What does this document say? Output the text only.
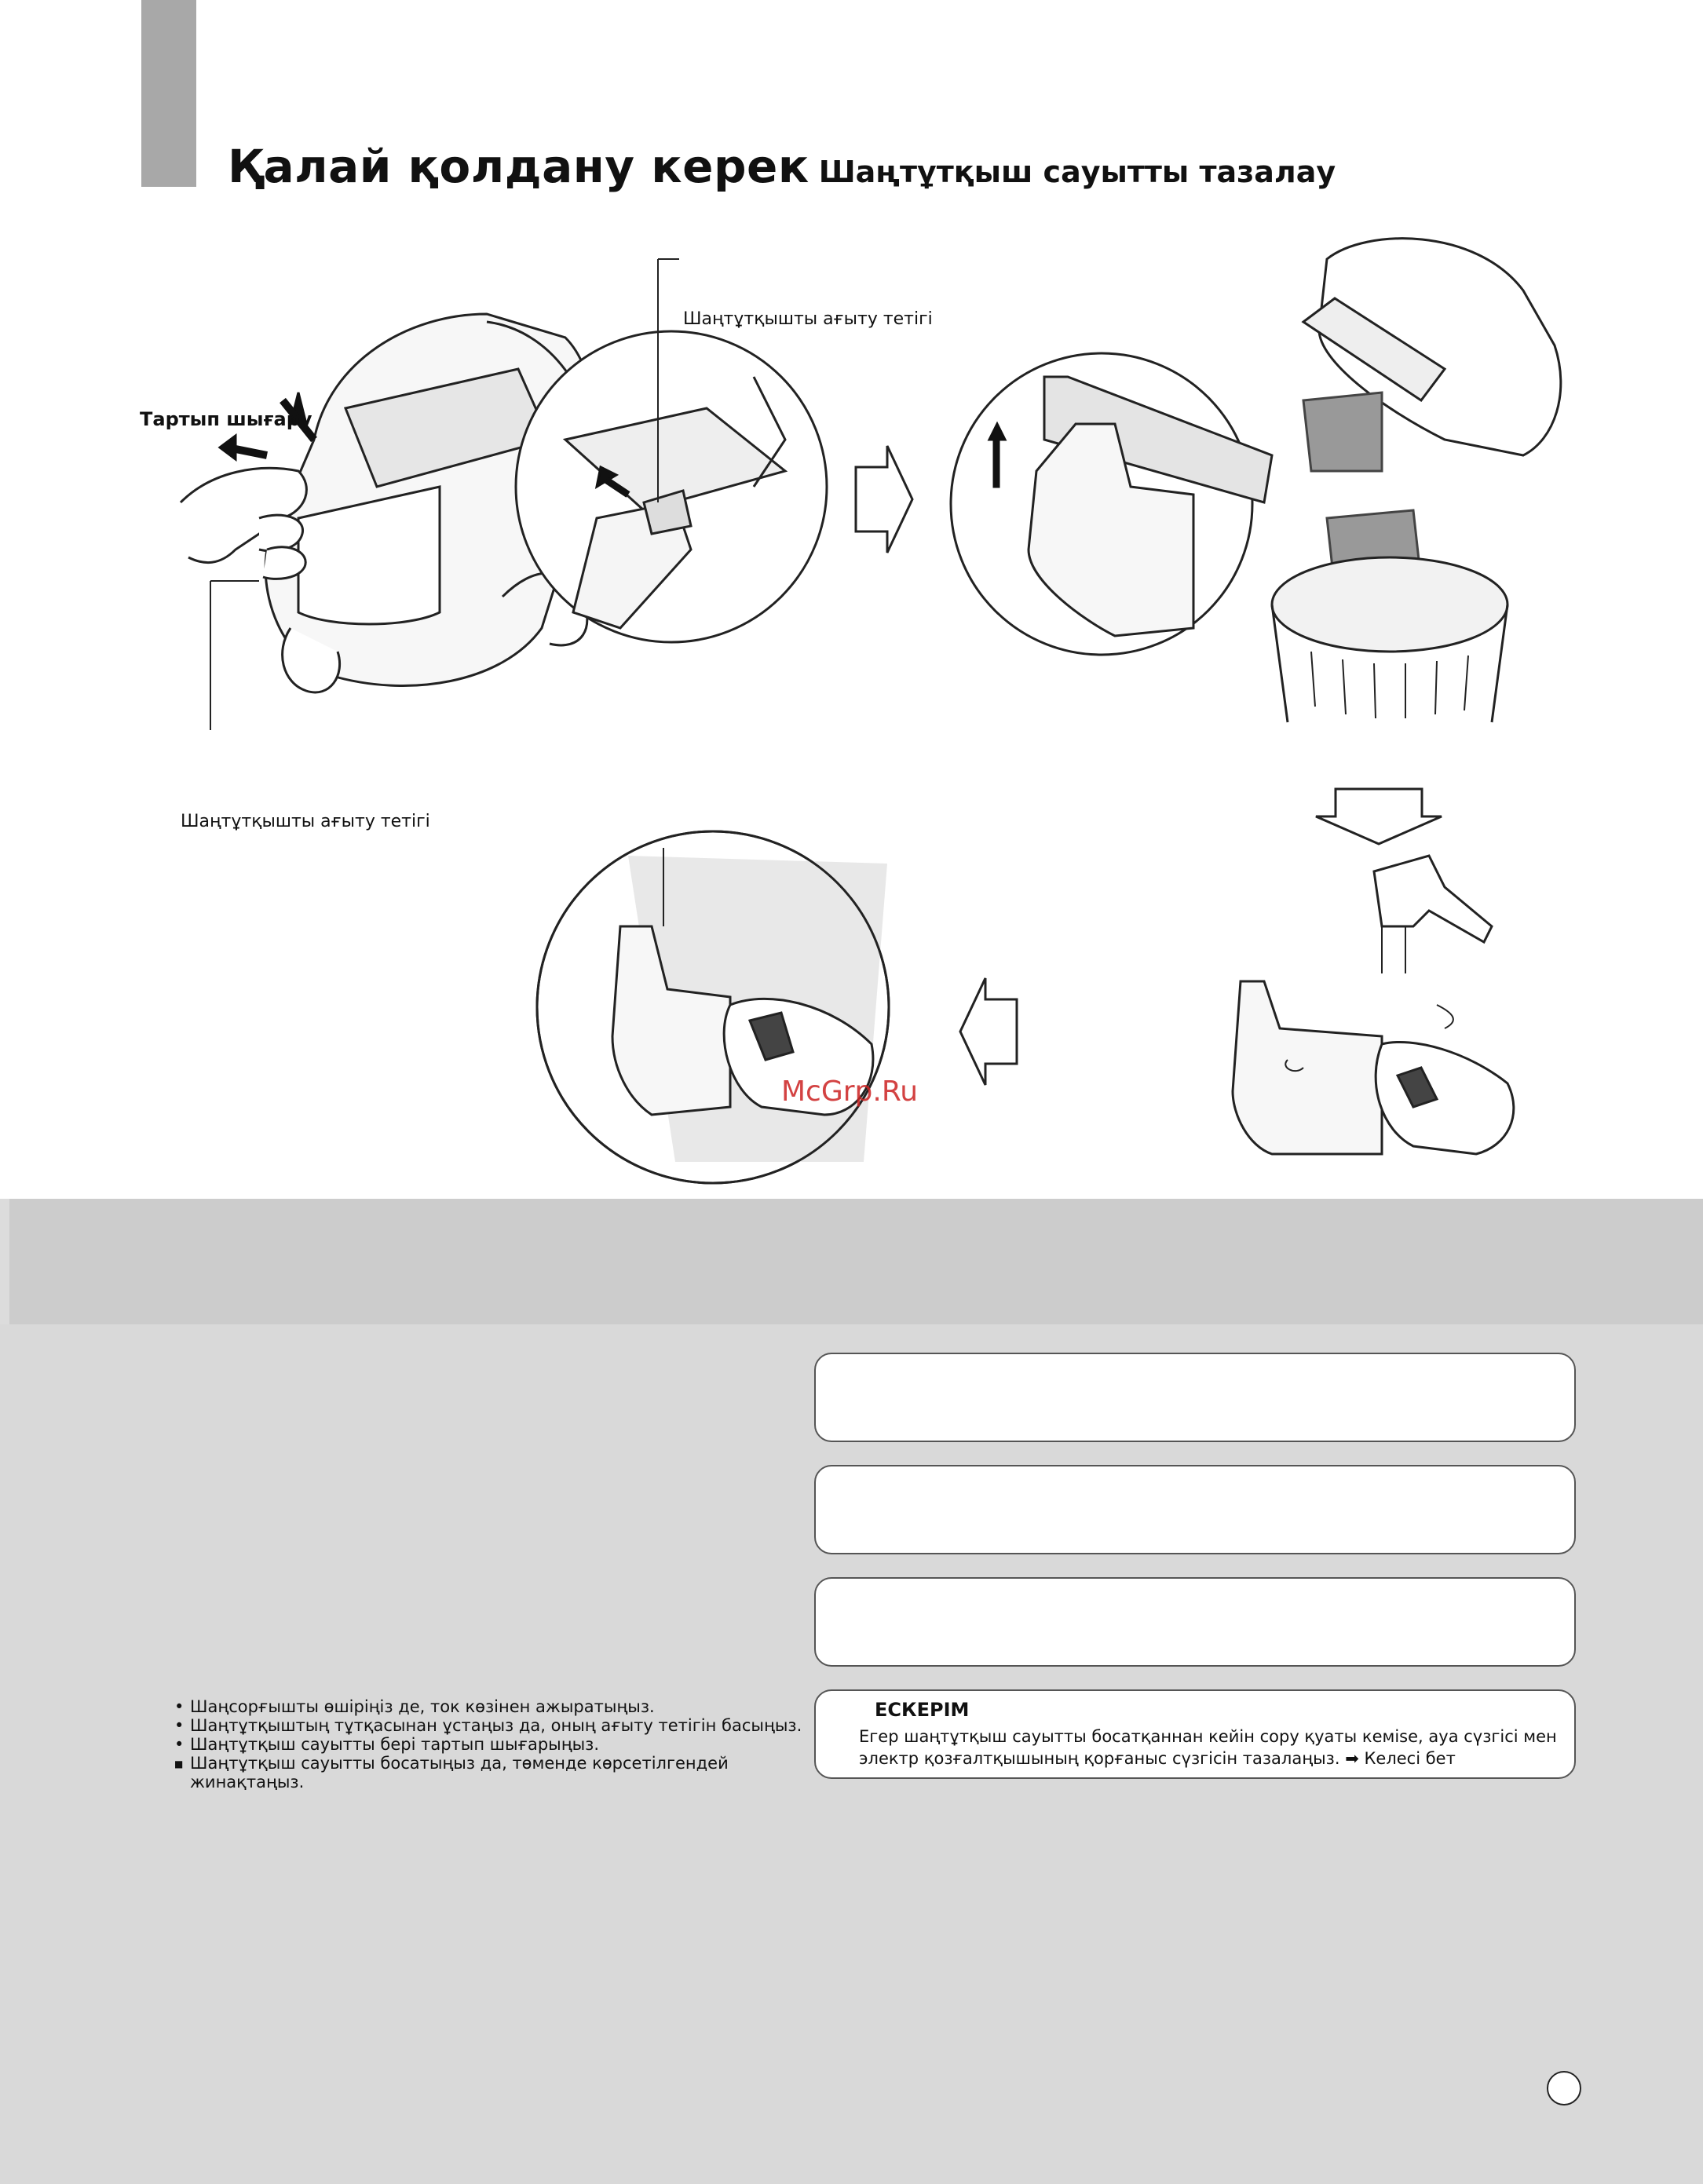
Қалай қолдану керек Шаңтұтқыш сауытты тазалау
Тартып шығару
Шаңтұтқышты ағыту тетігі
Шаңтұтқышты ағыту тетігі
McGrp.Ru
• Шаңсорғышты өшіріңіз де, ток көзінен ажыратыңыз.
• Шаңтұтқыштың тұтқасынан ұстаңыз да, оның ағыту тетігін басыңыз.
• Шаңтұтқыш сауытты бері тартып шығарыңыз.
■ Шаңтұтқыш сауытты босатыңыз да, төменде көрсетілгендей жинақтаңыз.
ЕСКЕРІМ
Егер шаңтұтқыш сауытты босатқаннан кейін сору қуаты кеміse, ауа сүзгісі мен электр қозғалтқышының қорғаныс сүзгісін тазалаңыз. ➡ Келесі бет
